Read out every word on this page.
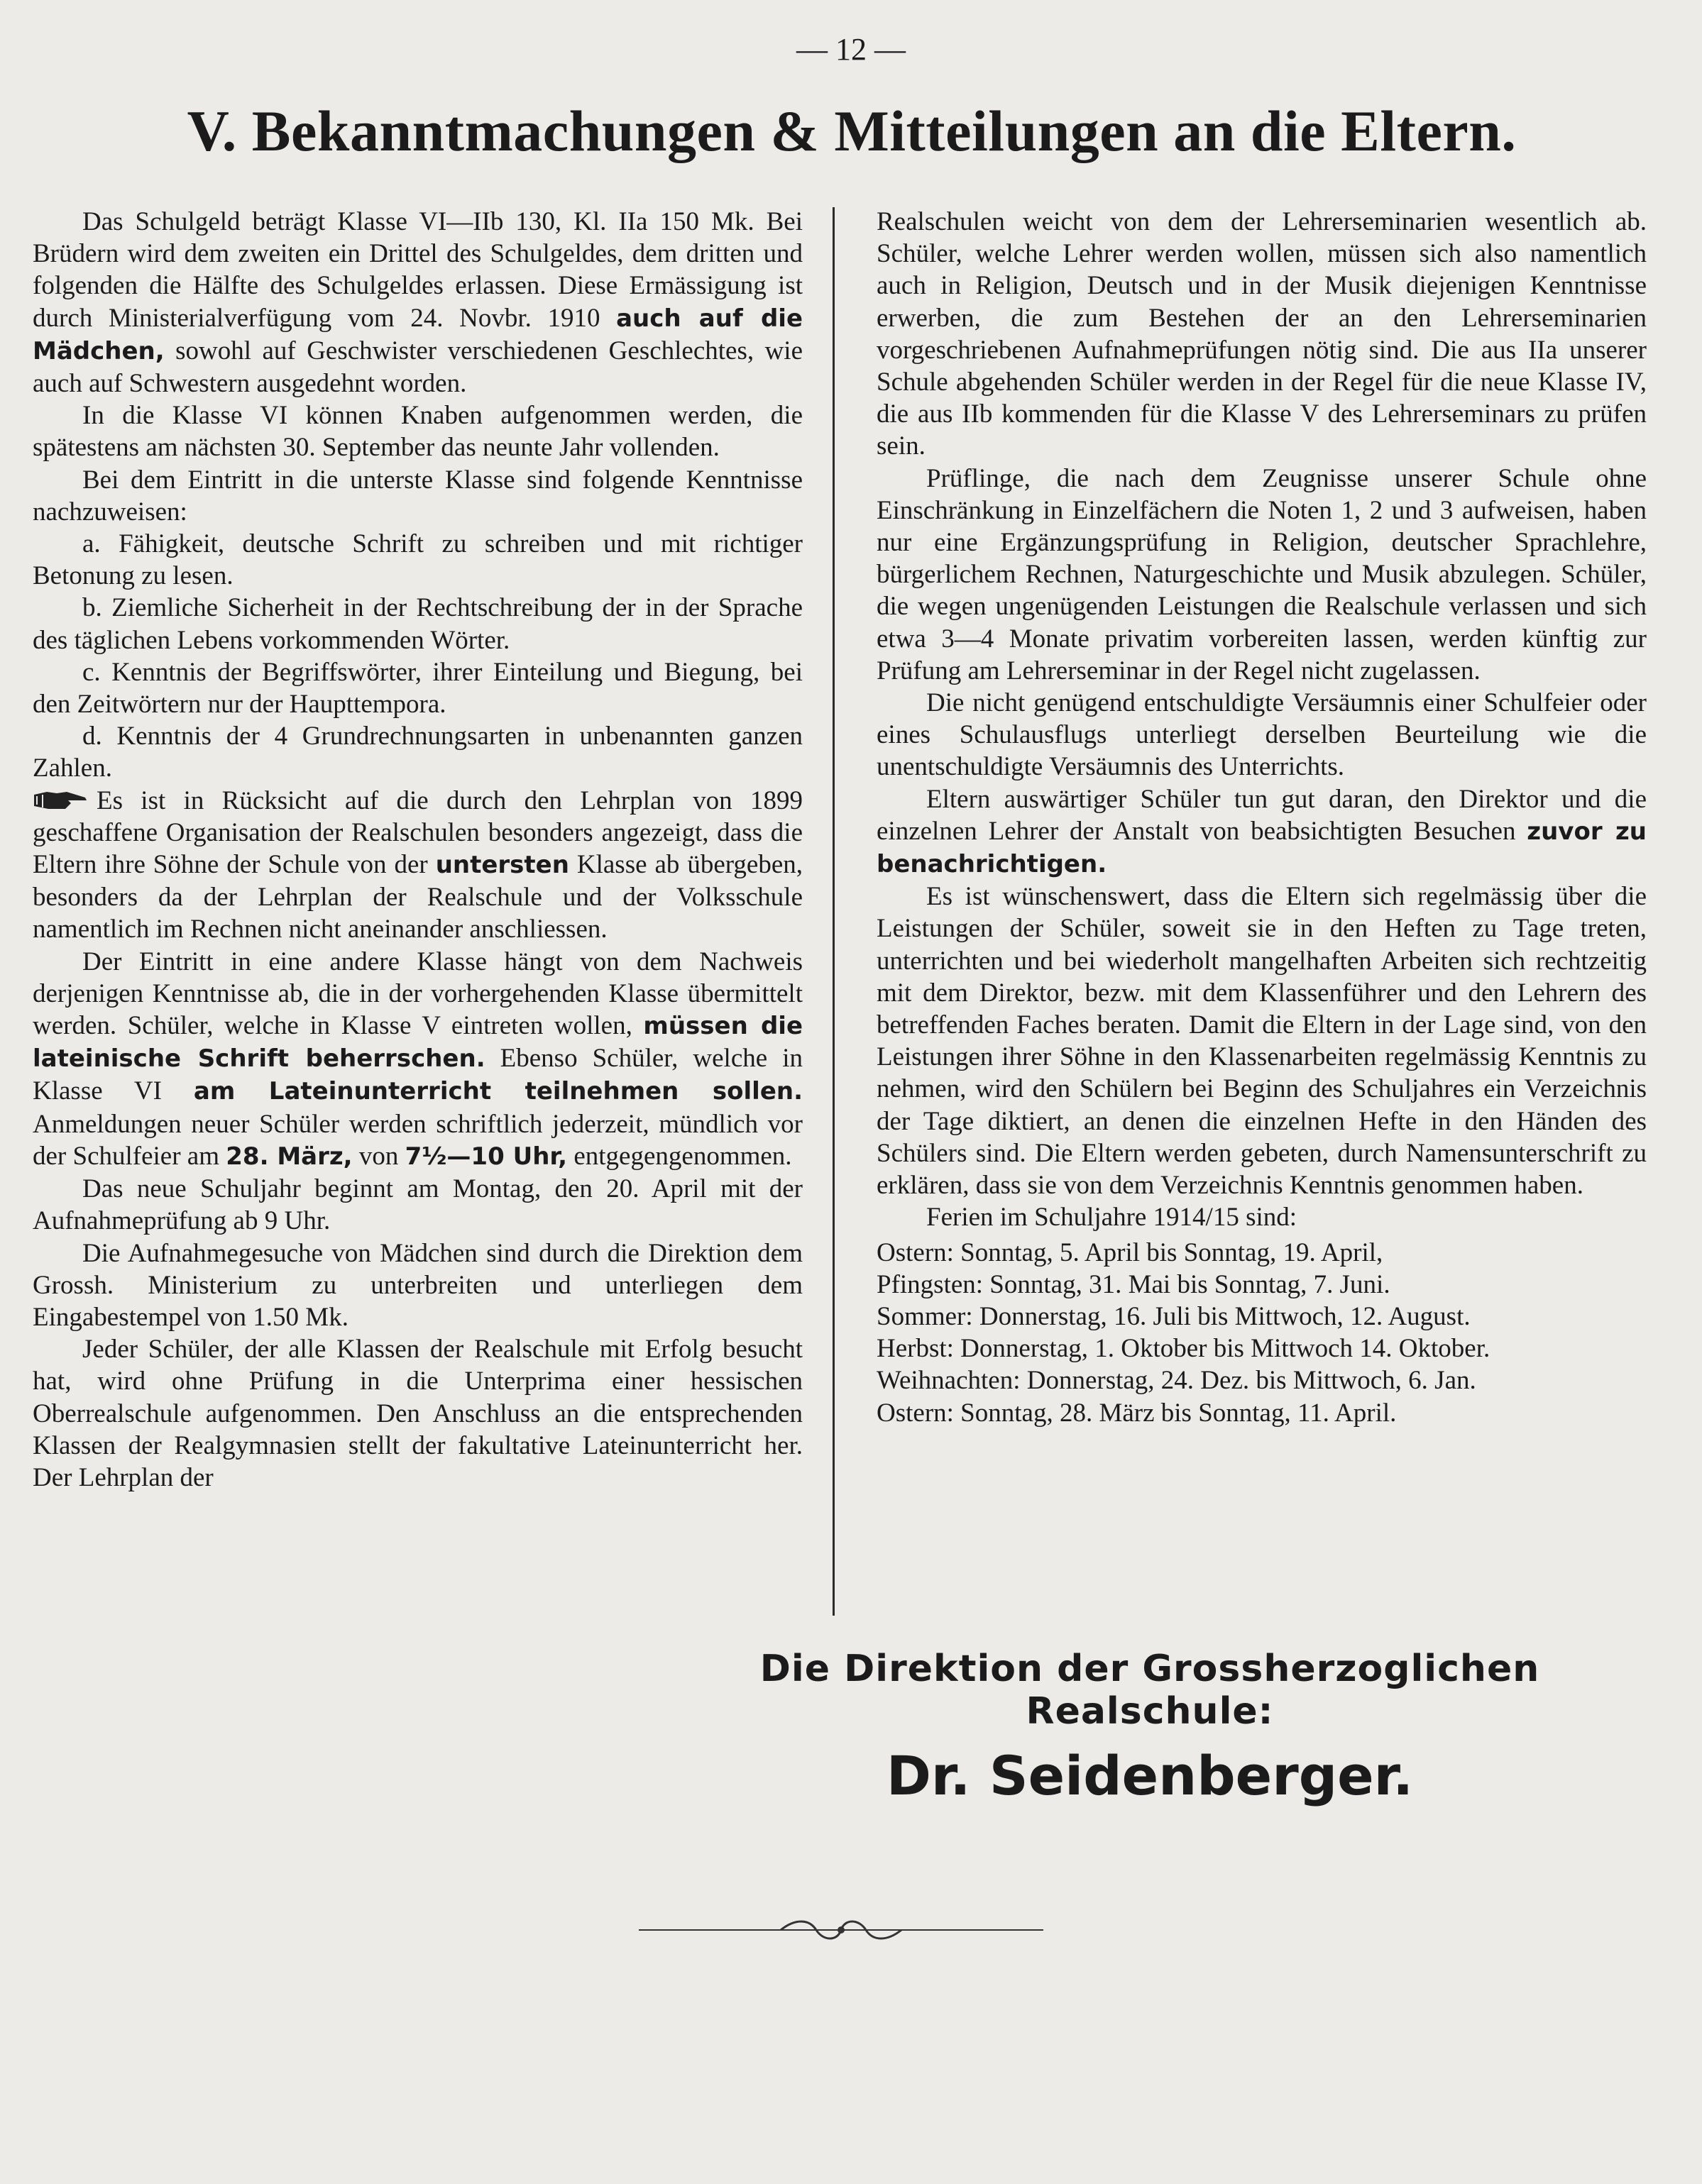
— 12 —
V. Bekanntmachungen & Mitteilungen an die Eltern.

Das Schulgeld beträgt Klasse VI—IIb 130, Kl. IIa 150 Mk. Bei Brüdern wird dem zweiten ein Drittel des Schulgeldes, dem dritten und folgenden die Hälfte des Schulgeldes erlassen. Diese Ermässigung ist durch Ministerialverfügung vom 24. Novbr. 1910 auch auf die Mädchen, sowohl auf Geschwister verschiedenen Geschlechtes, wie auch auf Schwestern ausgedehnt worden.

In die Klasse VI können Knaben aufgenommen werden, die spätestens am nächsten 30. September das neunte Jahr vollenden.

Bei dem Eintritt in die unterste Klasse sind folgende Kenntnisse nachzuweisen:

a. Fähigkeit, deutsche Schrift zu schreiben und mit richtiger Betonung zu lesen.
b. Ziemliche Sicherheit in der Rechtschreibung der in der Sprache des täglichen Lebens vorkommenden Wörter.
c. Kenntnis der Begriffswörter, ihrer Einteilung und Biegung, bei den Zeitwörtern nur der Haupttempora.
d. Kenntnis der 4 Grundrechnungsarten in unbenannten ganzen Zahlen.

Es ist in Rücksicht auf die durch den Lehrplan von 1899 geschaffene Organisation der Realschulen besonders angezeigt, dass die Eltern ihre Söhne der Schule von der untersten Klasse ab übergeben, besonders da der Lehrplan der Realschule und der Volksschule namentlich im Rechnen nicht aneinander anschliessen.

Der Eintritt in eine andere Klasse hängt von dem Nachweis derjenigen Kenntnisse ab, die in der vorhergehenden Klasse übermittelt werden. Schüler, welche in Klasse V eintreten wollen, müssen die lateinische Schrift beherrschen. Ebenso Schüler, welche in Klasse VI am Lateinunterricht teilnehmen sollen. Anmeldungen neuer Schüler werden schriftlich jederzeit, mündlich vor der Schulfeier am 28. März, von 7½—10 Uhr, entgegengenommen.

Das neue Schuljahr beginnt am Montag, den 20. April mit der Aufnahmeprüfung ab 9 Uhr.

Die Aufnahmegesuche von Mädchen sind durch die Direktion dem Grossh. Ministerium zu unterbreiten und unterliegen dem Eingabestempel von 1.50 Mk.

Jeder Schüler, der alle Klassen der Realschule mit Erfolg besucht hat, wird ohne Prüfung in die Unterprima einer hessischen Oberrealschule aufgenommen. Den Anschluss an die entsprechenden Klassen der Realgymnasien stellt der fakultative Lateinunterricht her. Der Lehrplan der

Realschulen weicht von dem der Lehrerseminarien wesentlich ab. Schüler, welche Lehrer werden wollen, müssen sich also namentlich auch in Religion, Deutsch und in der Musik diejenigen Kenntnisse erwerben, die zum Bestehen der an den Lehrerseminarien vorgeschriebenen Aufnahmeprüfungen nötig sind. Die aus IIa unserer Schule abgehenden Schüler werden in der Regel für die neue Klasse IV, die aus IIb kommenden für die Klasse V des Lehrerseminars zu prüfen sein.

Prüflinge, die nach dem Zeugnisse unserer Schule ohne Einschränkung in Einzelfächern die Noten 1, 2 und 3 aufweisen, haben nur eine Ergänzungsprüfung in Religion, deutscher Sprachlehre, bürgerlichem Rechnen, Naturgeschichte und Musik abzulegen. Schüler, die wegen ungenügenden Leistungen die Realschule verlassen und sich etwa 3—4 Monate privatim vorbereiten lassen, werden künftig zur Prüfung am Lehrerseminar in der Regel nicht zugelassen.

Die nicht genügend entschuldigte Versäumnis einer Schulfeier oder eines Schulausflugs unterliegt derselben Beurteilung wie die unentschuldigte Versäumnis des Unterrichts.

Eltern auswärtiger Schüler tun gut daran, den Direktor und die einzelnen Lehrer der Anstalt von beabsichtigten Besuchen zuvor zu benachrichtigen.

Es ist wünschenswert, dass die Eltern sich regelmässig über die Leistungen der Schüler, soweit sie in den Heften zu Tage treten, unterrichten und bei wiederholt mangelhaften Arbeiten sich rechtzeitig mit dem Direktor, bezw. mit dem Klassenführer und den Lehrern des betreffenden Faches beraten. Damit die Eltern in der Lage sind, von den Leistungen ihrer Söhne in den Klassenarbeiten regelmässig Kenntnis zu nehmen, wird den Schülern bei Beginn des Schuljahres ein Verzeichnis der Tage diktiert, an denen die einzelnen Hefte in den Händen des Schülers sind. Die Eltern werden gebeten, durch Namensunterschrift zu erklären, dass sie von dem Verzeichnis Kenntnis genommen haben.

Ferien im Schuljahre 1914/15 sind:

Ostern: Sonntag, 5. April bis Sonntag, 19. April,
Pfingsten: Sonntag, 31. Mai bis Sonntag, 7. Juni.
Sommer: Donnerstag, 16. Juli bis Mittwoch, 12. August.
Herbst: Donnerstag, 1. Oktober bis Mittwoch 14. Oktober.
Weihnachten: Donnerstag, 24. Dez. bis Mittwoch, 6. Jan.
Ostern: Sonntag, 28. März bis Sonntag, 11. April.
Die Direktion der Grossherzoglichen Realschule:
Dr. Seidenberger.
